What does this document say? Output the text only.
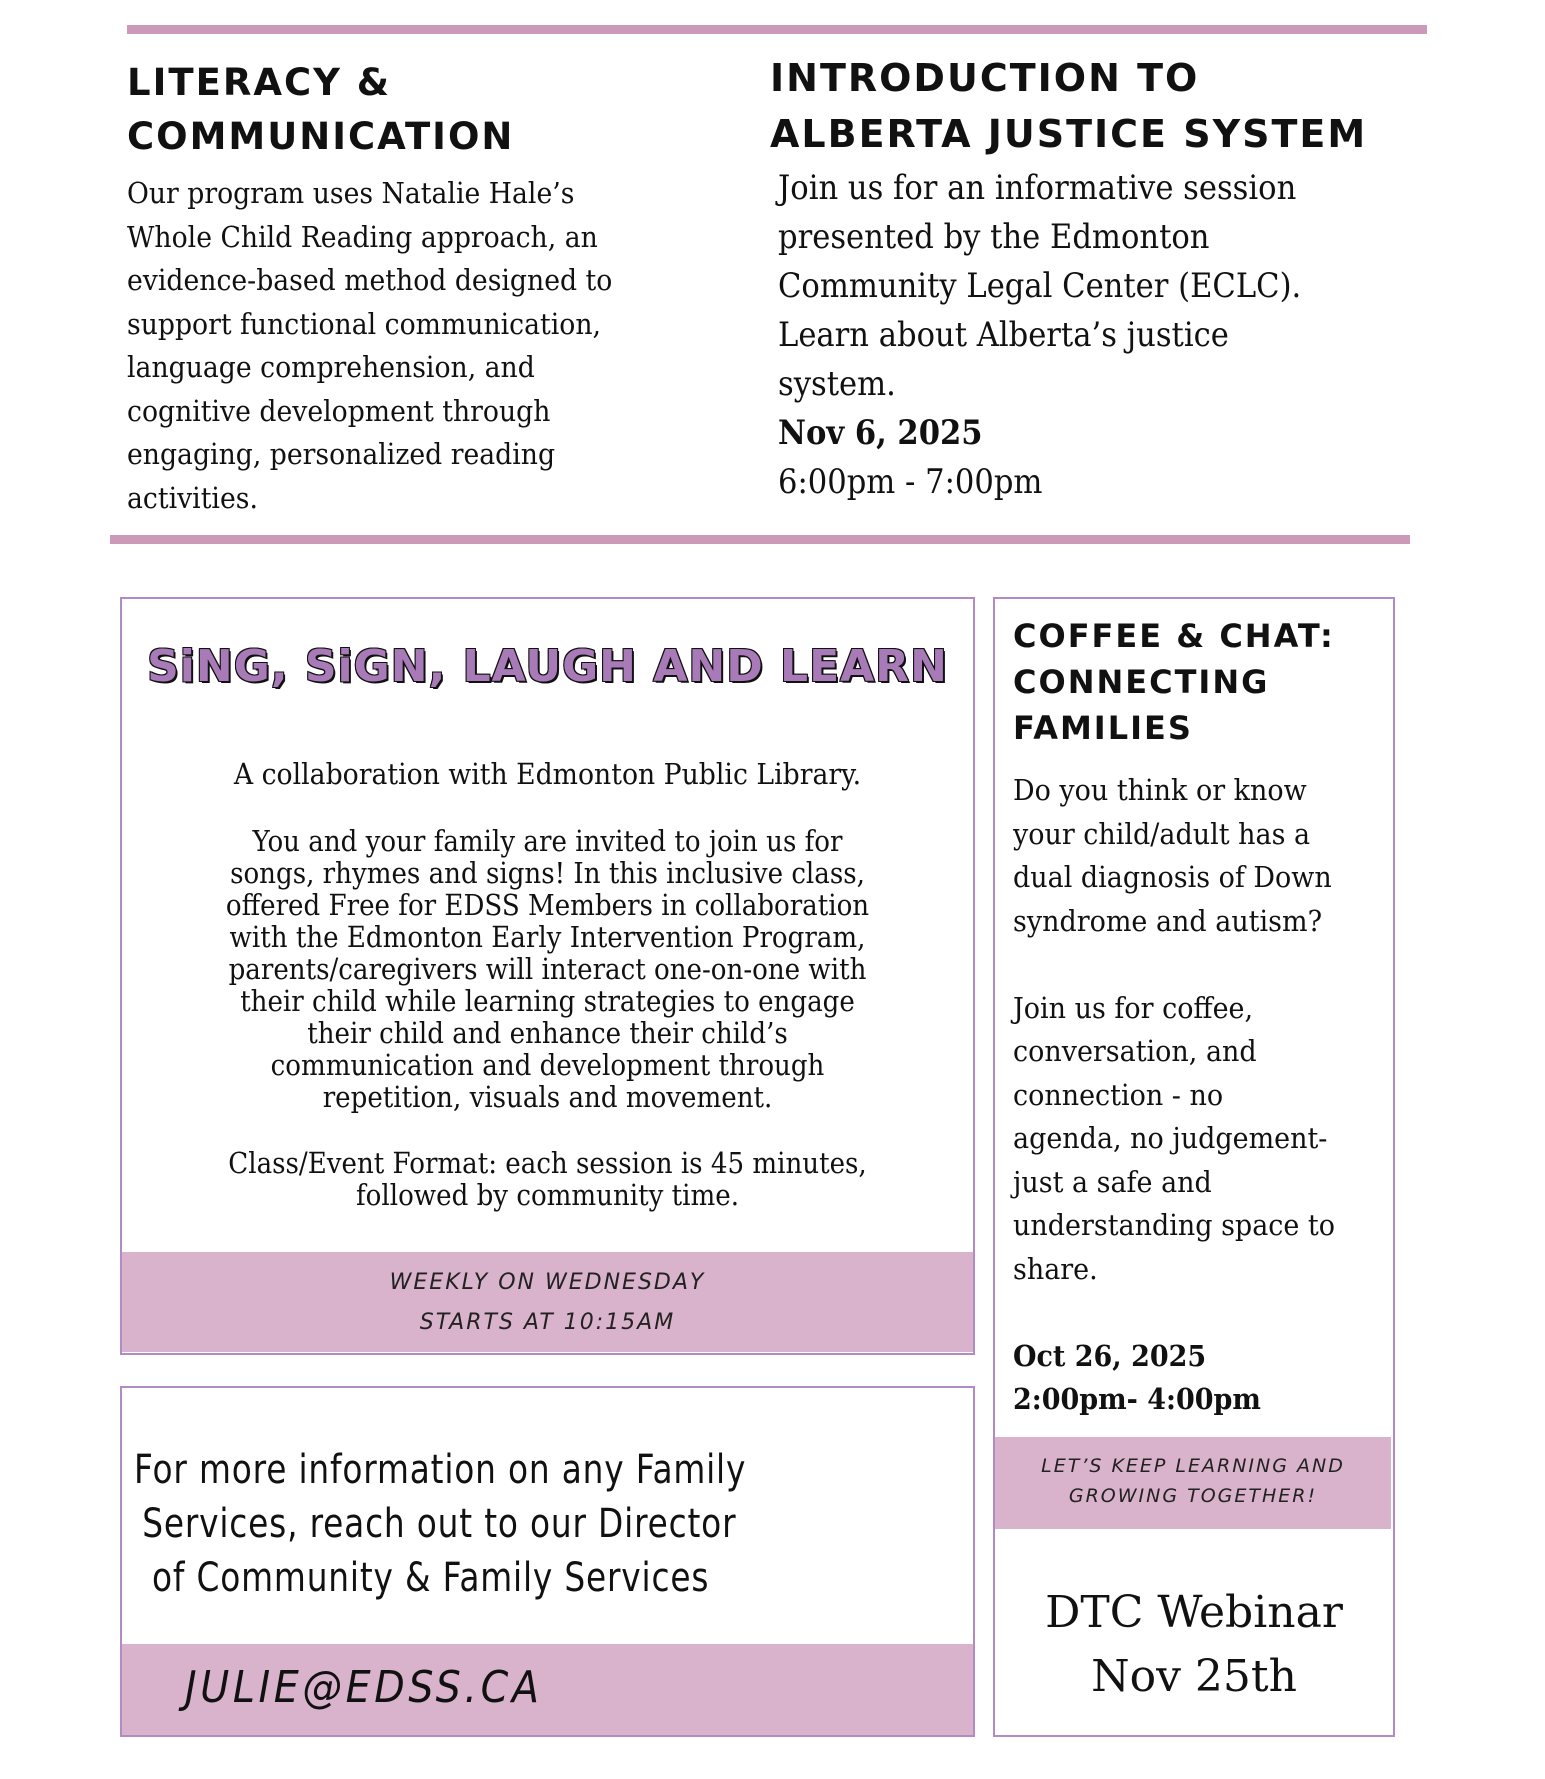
LITERACY &
COMMUNICATION

Our program uses Natalie Hale’s

Whole Child Reading approach, an

evidence-based method designed to

support functional communication,

language comprehension, and

cognitive development through

engaging, personalized reading

activities.

INTRODUCTION TO
ALBERTA JUSTICE SYSTEM

Join us for an informative session

presented by the Edmonton

Community Legal Center (ECLC).

Learn about Alberta’s justice

system.

Nov 6, 2025

6:00pm - 7:00pm

SiNG, SiGN, LAUGH AND LEARN

A collaboration with Edmonton Public Library.

You and your family are invited to join us for

songs, rhymes and signs! In this inclusive class,

offered Free for EDSS Members in collaboration

with the Edmonton Early Intervention Program,

parents/caregivers will interact one-on-one with

their child while learning strategies to engage

their child and enhance their child’s

communication and development through

repetition, visuals and movement.

Class/Event Format: each session is 45 minutes,

followed by community time.

WEEKLY ON WEDNESDAY

STARTS AT 10:15AM

For more information on any Family

Services, reach out to our Director

of Community & Family Services

JULIE@EDSS.CA
COFFEE & CHAT:
CONNECTING
FAMILIES

Do you think or know

your child/adult has a

dual diagnosis of Down

syndrome and autism?

Join us for coffee,

conversation, and

connection - no

agenda, no judgement-

just a safe and

understanding space to

share.

Oct 26, 2025

2:00pm- 4:00pm

LET’S KEEP LEARNING AND

GROWING TOGETHER!

DTC Webinar

Nov 25th
